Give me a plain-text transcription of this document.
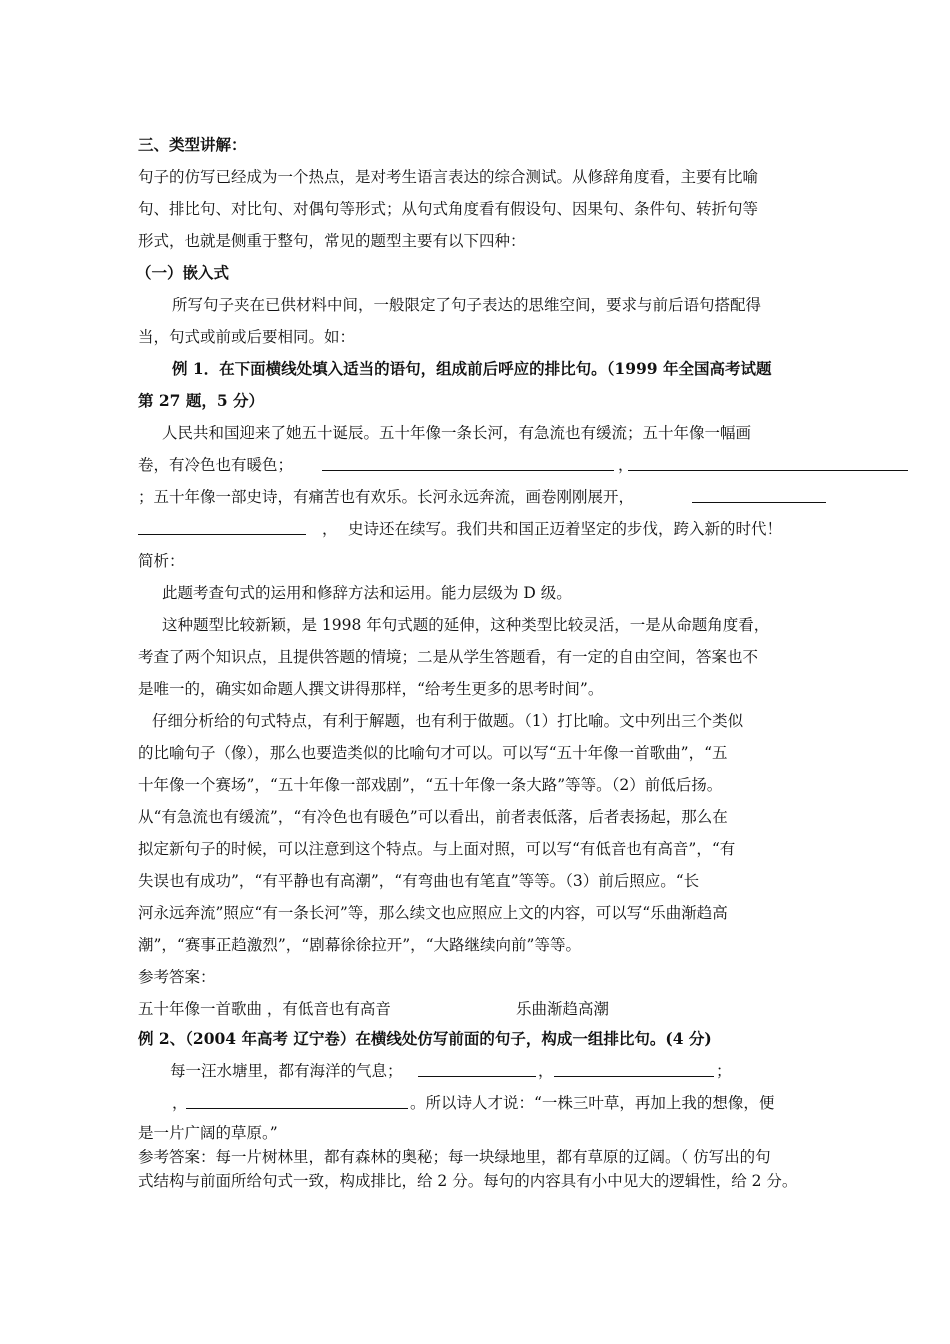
三、类型讲解：
句子的仿写已经成为一个热点，是对考生语言表达的综合测试。从修辞角度看，主要有比喻
句、排比句、对比句、对偶句等形式；从句式角度看有假设句、因果句、条件句、转折句等
形式，也就是侧重于整句，常见的题型主要有以下四种：
（一）嵌入式
所写句子夹在已供材料中间，一般限定了句子表达的思维空间，要求与前后语句搭配得
当，句式或前或后要相同。如：
例 1．在下面横线处填入适当的语句，组成前后呼应的排比句。（1999 年全国高考试题
第 27 题，5 分）
人民共和国迎来了她五十诞辰。五十年像一条长河，有急流也有缓流；五十年像一幅画
卷，有冷色也有暖色；	，
；五十年像一部史诗，有痛苦也有欢乐。长河永远奔流，画卷刚刚展开，
， 史诗还在续写。我们共和国正迈着坚定的步伐，跨入新的时代！
简析：
此题考查句式的运用和修辞方法和运用。能力层级为 D 级。
这种题型比较新颖，是 1998 年句式题的延伸，这种类型比较灵活，一是从命题角度看，
考查了两个知识点，且提供答题的情境；二是从学生答题看，有一定的自由空间，答案也不
是唯一的，确实如命题人撰文讲得那样，“给考生更多的思考时间”。
仔细分析给的句式特点，有利于解题，也有利于做题。（1）打比喻。文中列出三个类似
的比喻句子（像），那么也要造类似的比喻句才可以。可以写“五十年像一首歌曲”，“五
十年像一个赛场”，“五十年像一部戏剧”，“五十年像一条大路”等等。（2）前低后扬。
从“有急流也有缓流”，“有冷色也有暖色”可以看出，前者表低落，后者表扬起，那么在
拟定新句子的时候，可以注意到这个特点。与上面对照，可以写“有低音也有高音”，“有
失误也有成功”，“有平静也有高潮”，“有弯曲也有笔直”等等。（3）前后照应。“长
河永远奔流”照应“有一条长河”等，那么续文也应照应上文的内容，可以写“乐曲渐趋高
潮”，“赛事正趋激烈”，“剧幕徐徐拉开”，“大路继续向前”等等。
参考答案：
五十年像一首歌曲 ，有低音也有高音	乐曲渐趋高潮
例 2、（2004 年高考 辽宁卷）在横线处仿写前面的句子，构成一组排比句。(4 分)
每一汪水塘里，都有海洋的气息；	，	；
，	。所以诗人才说：“一株三叶草，再加上我的想像，便
是一片广阔的草原。”
参考答案：每一片树林里，都有森林的奥秘；每一块绿地里，都有草原的辽阔。（ 仿写出的句
式结构与前面所给句式一致，构成排比，给 2 分。每句的内容具有小中见大的逻辑性，给 2 分。
